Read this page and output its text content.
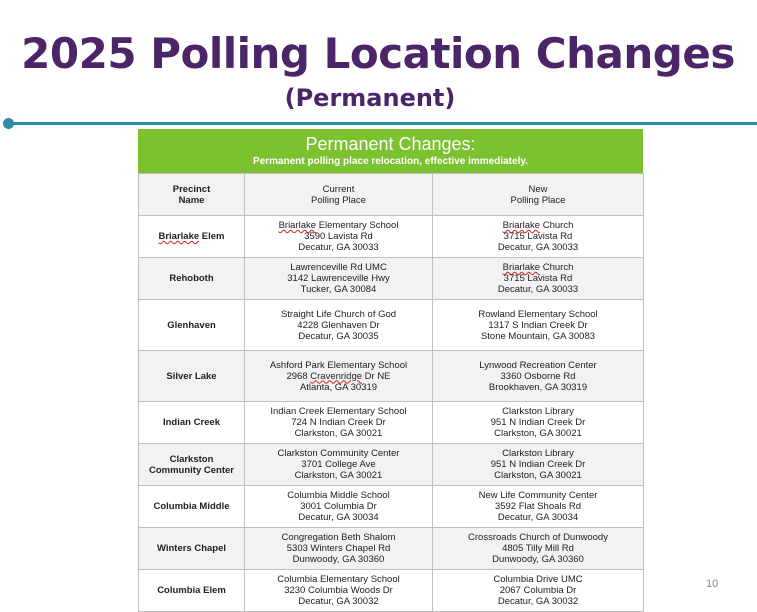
2025 Polling Location Changes
(Permanent)
Permanent Changes:
Permanent polling place relocation, effective immediately.
Precinct
Name	Current
Polling Place	New
Polling Place

Briarlake Elem	Briarlake Elementary School
3590 Lavista Rd
Decatur, GA 30033	Briarlake Church
3715 Lavista Rd
Decatur, GA 30033

Rehoboth	Lawrenceville Rd UMC
3142 Lawrenceville Hwy
Tucker, GA 30084	Briarlake Church
3715 Lavista Rd
Decatur, GA 30033

Glenhaven	Straight Life Church of God
4228 Glenhaven Dr
Decatur, GA 30035	Rowland Elementary School
1317 S Indian Creek Dr
Stone Mountain, GA 30083

Silver Lake	Ashford Park Elementary School
2968 Cravenridge Dr NE
Atlanta, GA 30319	Lynwood Recreation Center
3360 Osborne Rd
Brookhaven, GA 30319

Indian Creek	Indian Creek Elementary School
724 N Indian Creek Dr
Clarkston, GA 30021	Clarkston Library
951 N Indian Creek Dr
Clarkston, GA 30021

Clarkston
Community Center	Clarkston Community Center
3701 College Ave
Clarkston, GA 30021	Clarkston Library
951 N Indian Creek Dr
Clarkston, GA 30021

Columbia Middle	Columbia Middle School
3001 Columbia Dr
Decatur, GA 30034	New Life Community Center
3592 Flat Shoals Rd
Decatur, GA 30034

Winters Chapel	Congregation Beth Shalom
5303 Winters Chapel Rd
Dunwoody, GA 30360	Crossroads Church of Dunwoody
4805 Tilly Mill Rd
Dunwoody, GA 30360

Columbia Elem	Columbia Elementary School
3230 Columbia Woods Dr
Decatur, GA 30032	Columbia Drive UMC
2067 Columbia Dr
Decatur, GA 30032
10
